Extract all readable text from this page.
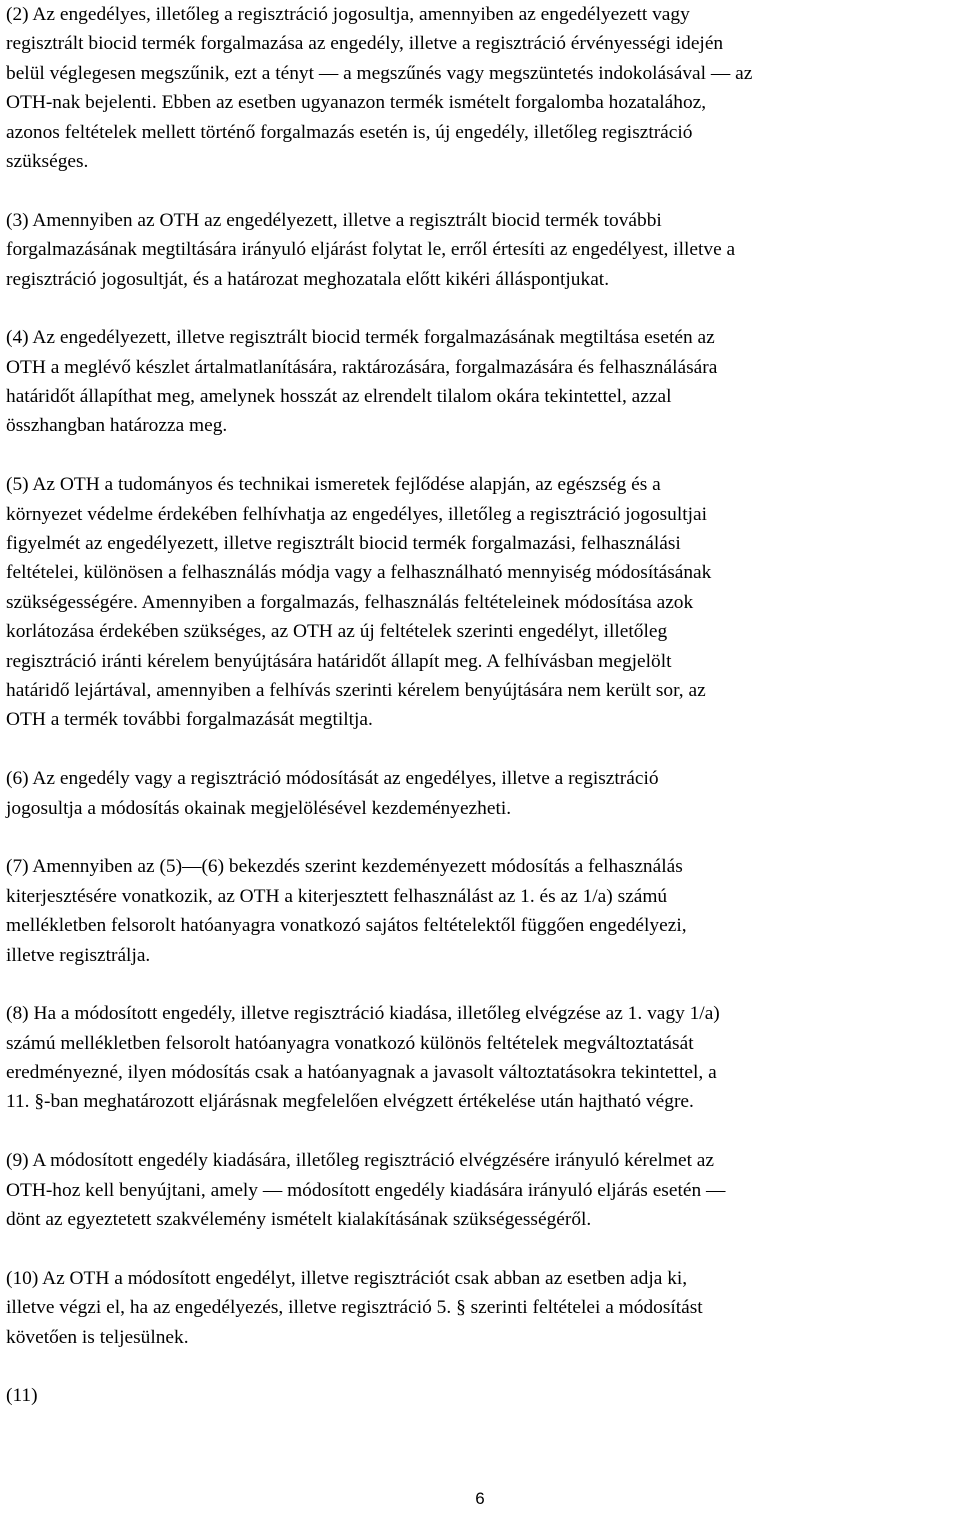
(2) Az engedélyes, illetőleg a regisztráció jogosultja, amennyiben az engedélyezett vagy
regisztrált biocid termék forgalmazása az engedély, illetve a regisztráció érvényességi idején
belül véglegesen megszűnik, ezt a tényt — a megszűnés vagy megszüntetés indokolásával — az
OTH-nak bejelenti. Ebben az esetben ugyanazon termék ismételt forgalomba hozatalához,
azonos feltételek mellett történő forgalmazás esetén is, új engedély, illetőleg regisztráció
szükséges.
(3) Amennyiben az OTH az engedélyezett, illetve a regisztrált biocid termék további
forgalmazásának megtiltására irányuló eljárást folytat le, erről értesíti az engedélyest, illetve a
regisztráció jogosultját, és a határozat meghozatala előtt kikéri álláspontjukat.
(4) Az engedélyezett, illetve regisztrált biocid termék forgalmazásának megtiltása esetén az
OTH a meglévő készlet ártalmatlanítására, raktározására, forgalmazására és felhasználására
határidőt állapíthat meg, amelynek hosszát az elrendelt tilalom okára tekintettel, azzal
összhangban határozza meg.
(5) Az OTH a tudományos és technikai ismeretek fejlődése alapján, az egészség és a
környezet védelme érdekében felhívhatja az engedélyes, illetőleg a regisztráció jogosultjai
figyelmét az engedélyezett, illetve regisztrált biocid termék forgalmazási, felhasználási
feltételei, különösen a felhasználás módja vagy a felhasználható mennyiség módosításának
szükségességére. Amennyiben a forgalmazás, felhasználás feltételeinek módosítása azok
korlátozása érdekében szükséges, az OTH az új feltételek szerinti engedélyt, illetőleg
regisztráció iránti kérelem benyújtására határidőt állapít meg. A felhívásban megjelölt
határidő lejártával, amennyiben a felhívás szerinti kérelem benyújtására nem került sor, az
OTH a termék további forgalmazását megtiltja.
(6) Az engedély vagy a regisztráció módosítását az engedélyes, illetve a regisztráció
jogosultja a módosítás okainak megjelölésével kezdeményezheti.
(7) Amennyiben az (5)—(6) bekezdés szerint kezdeményezett módosítás a felhasználás
kiterjesztésére vonatkozik, az OTH a kiterjesztett felhasználást az 1. és az 1/a) számú
mellékletben felsorolt hatóanyagra vonatkozó sajátos feltételektől függően engedélyezi,
illetve regisztrálja.
(8) Ha a módosított engedély, illetve regisztráció kiadása, illetőleg elvégzése az 1. vagy 1/a)
számú mellékletben felsorolt hatóanyagra vonatkozó különös feltételek megváltoztatását
eredményezné, ilyen módosítás csak a hatóanyagnak a javasolt változtatásokra tekintettel, a
11. §-ban meghatározott eljárásnak megfelelően elvégzett értékelése után hajtható végre.
(9) A módosított engedély kiadására, illetőleg regisztráció elvégzésére irányuló kérelmet az
OTH-hoz kell benyújtani, amely — módosított engedély kiadására irányuló eljárás esetén —
dönt az egyeztetett szakvélemény ismételt kialakításának szükségességéről.
(10) Az OTH a módosított engedélyt, illetve regisztrációt csak abban az esetben adja ki,
illetve végzi el, ha az engedélyezés, illetve regisztráció 5. § szerinti feltételei a módosítást
követően is teljesülnek.
(11)
6
